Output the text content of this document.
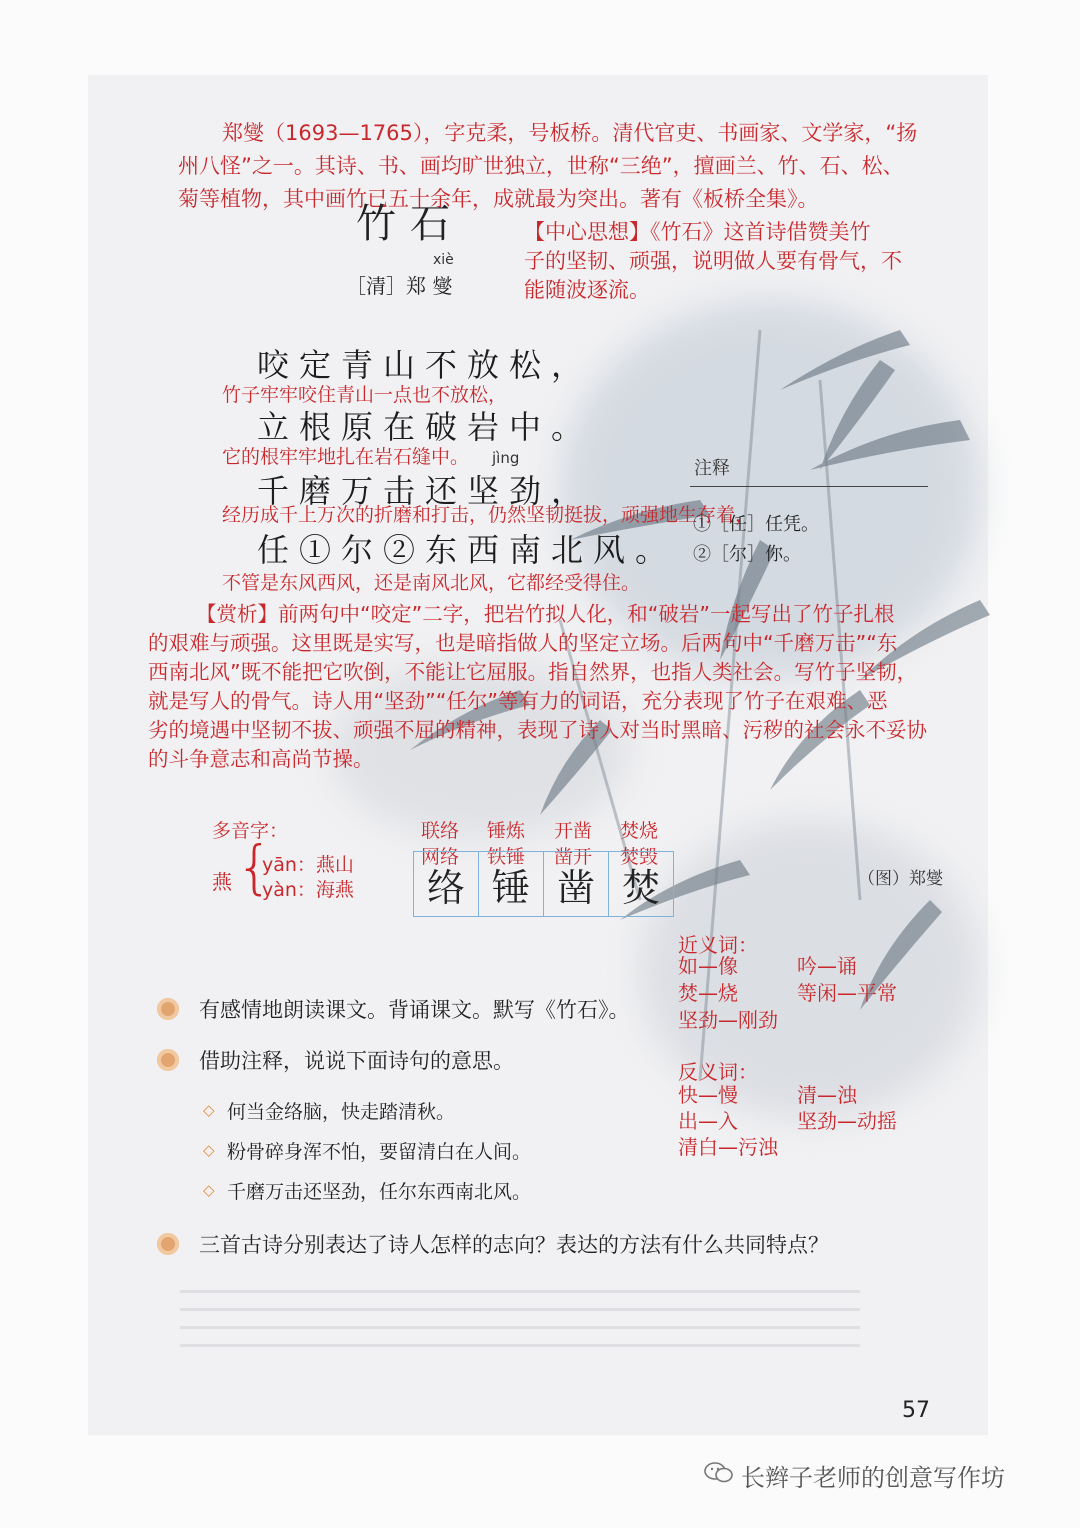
郑燮（1693—1765），字克柔，号板桥。清代官吏、书画家、文学家，“扬
州八怪”之一。其诗、书、画均旷世独立，世称“三绝”，擅画兰、竹、石、松、
菊等植物，其中画竹已五十余年，成就最为突出。著有《板桥全集》。
竹石
xiè
［清］郑 燮
【中心思想】《竹石》这首诗借赞美竹
子的坚韧、顽强，说明做人要有骨气，不
能随波逐流。
咬定青山不放松，
竹子牢牢咬住青山一点也不放松，
立根原在破岩中。
它的根牢牢地扎在岩石缝中。 jìng
千磨万击还坚劲，
经历成千上万次的折磨和打击，仍然坚韧挺拔，顽强地生存着，
任①尔②东西南北风。
不管是东风西风，还是南风北风，它都经受得住。
注释
①［任］任凭。
②［尔］你。
【赏析】前两句中“咬定”二字，把岩竹拟人化，和“破岩”一起写出了竹子扎根
的艰难与顽强。这里既是实写，也是暗指做人的坚定立场。后两句中“千磨万击”“东
西南北风”既不能把它吹倒，不能让它屈服。指自然界，也指人类社会。写竹子坚韧，
就是写人的骨气。诗人用“坚劲”“任尔”等有力的词语，充分表现了竹子在艰难、恶
劣的境遇中坚韧不拔、顽强不屈的精神，表现了诗人对当时黑暗、污秽的社会永不妥协
的斗争意志和高尚节操。
多音字：
燕 {
yān：燕山
yàn：海燕
联络 锤炼 开凿 焚烧
网络 铁锤 凿开 焚毁
络 锤 凿 焚	（图）郑燮
近义词：
如—像
焚—烧
坚劲—刚劲
吟—诵
等闲—平常
反义词：
快—慢
出—入
清白—污浊
清—浊
坚劲—动摇
有感情地朗读课文。背诵课文。默写《竹石》。
借助注释，说说下面诗句的意思。
◇ 何当金络脑，快走踏清秋。
◇ 粉骨碎身浑不怕，要留清白在人间。
◇ 千磨万击还坚劲，任尔东西南北风。
三首古诗分别表达了诗人怎样的志向？表达的方法有什么共同特点？
57
长辫子老师的创意写作坊
